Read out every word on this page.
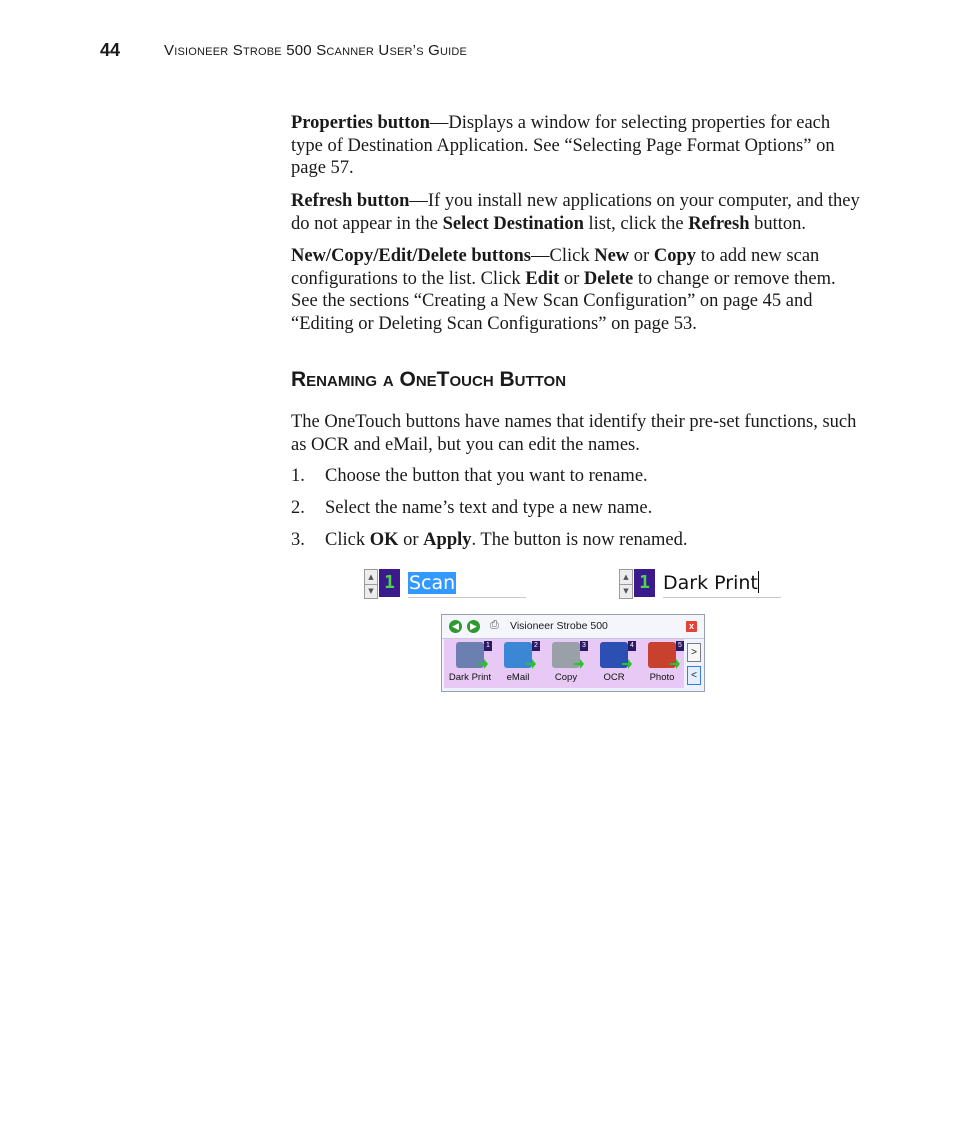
44	Visioneer Strobe 500 Scanner User’s Guide

Properties button—Displays a window for selecting properties for each type of Destination Application. See “Selecting Page Format Options” on page 57.

Refresh button—If you install new applications on your computer, and they do not appear in the Select Destination list, click the Refresh button.

New/Copy/Edit/Delete buttons—Click New or Copy to add new scan configurations to the list. Click Edit or Delete to change or remove them. See the sections “Creating a New Scan Configuration” on page 45 and “Editing or Deleting Scan Configurations” on page 53.

Renaming a OneTouch Button

The OneTouch buttons have names that identify their pre-set functions, such as OCR and eMail, but you can edit the names.

1. Choose the button that you want to rename.
2. Select the name’s text and type a new name.
3. Click OK or Apply. The button is now renamed.
▲
▼ 1 Scan	▲
▼ 1 Dark Print
◀	▶ ⎙ Visioneer Strobe 500	x
1
Dark Print
2
eMail
3
Copy
4
OCR
5
Photo
>
<
